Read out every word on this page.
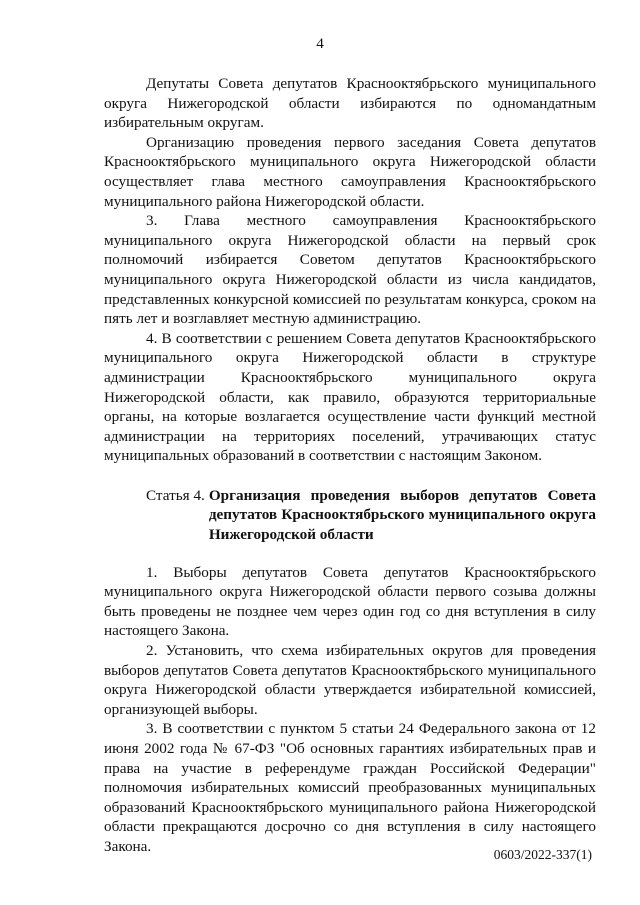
4

Депутаты Совета депутатов Краснооктябрьского муниципального округа Нижегородской области избираются по одномандатным избирательным округам.

Организацию проведения первого заседания Совета депутатов Краснооктябрьского муниципального округа Нижегородской области осуществляет глава местного самоуправления Краснооктябрьского муниципального района Нижегородской области.

3. Глава местного самоуправления Краснооктябрьского муниципального округа Нижегородской области на первый срок полномочий избирается Советом депутатов Краснооктябрьского муниципального округа Нижегородской области из числа кандидатов, представленных конкурсной комиссией по результатам конкурса, сроком на пять лет и возглавляет местную администрацию.

4. В соответствии с решением Совета депутатов Краснооктябрьского муниципального округа Нижегородской области в структуре администрации Краснооктябрьского муниципального округа Нижегородской области, как правило, образуются территориальные органы, на которые возлагается осуществление части функций местной администрации на территориях поселений, утрачивающих статус муниципальных образований в соответствии с настоящим Законом.

Статья 4. Организация проведения выборов депутатов Совета депутатов Краснооктябрьского муниципального округа Нижегородской области

1. Выборы депутатов Совета депутатов Краснооктябрьского муниципального округа Нижегородской области первого созыва должны быть проведены не позднее чем через один год со дня вступления в силу настоящего Закона.

2. Установить, что схема избирательных округов для проведения выборов депутатов Совета депутатов Краснооктябрьского муниципального округа Нижегородской области утверждается избирательной комиссией, организующей выборы.

3. В соответствии с пунктом 5 статьи 24 Федерального закона от 12 июня 2002 года № 67-ФЗ "Об основных гарантиях избирательных прав и права на участие в референдуме граждан Российской Федерации" полномочия избирательных комиссий преобразованных муниципальных образований Краснооктябрьского муниципального района Нижегородской области прекращаются досрочно со дня вступления в силу настоящего Закона.	0603/2022-337(1)
